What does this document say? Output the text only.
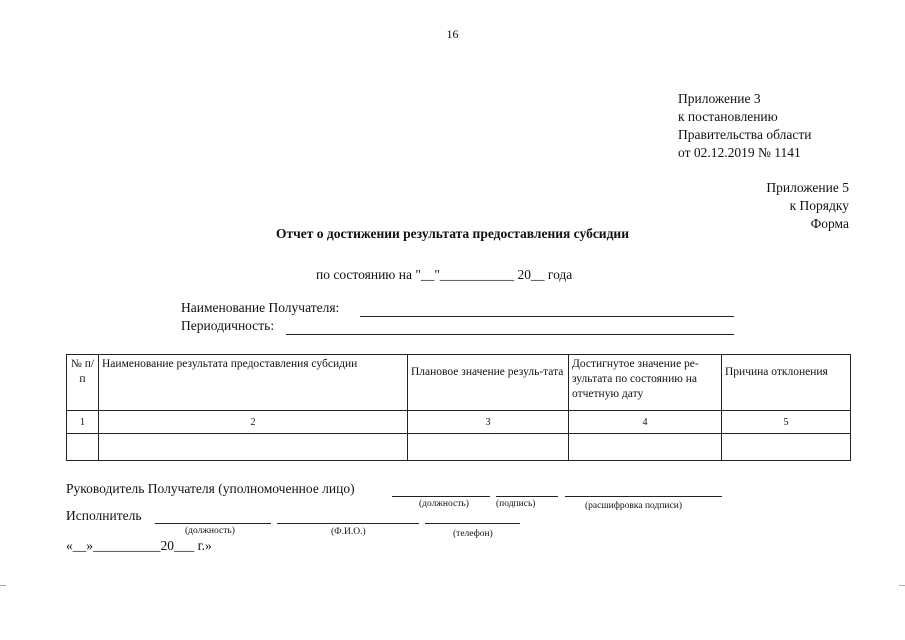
16
Приложение 3
к постановлению
Правительства области
от 02.12.2019 № 1141
Приложение 5
к Порядку
Форма
Отчет о достижении результата предоставления субсидии
по состоянию на "__"___________ 20__ года
Наименование Получателя:
Периодичность:
№ п/п	Наименование результата предоставления субсидии	Плановое значение резуль-тата	Достигнутое значение ре-зультата по состоянию на отчетную дату	Причина отклонения
1	2	3	4	5

Руководитель Получателя (уполномоченное лицо)
(должность)	(подпись)	(расшифровка подписи)
Исполнитель
(должность)	(Ф.И.О.)	(телефон)
«__»__________20___ г.»
